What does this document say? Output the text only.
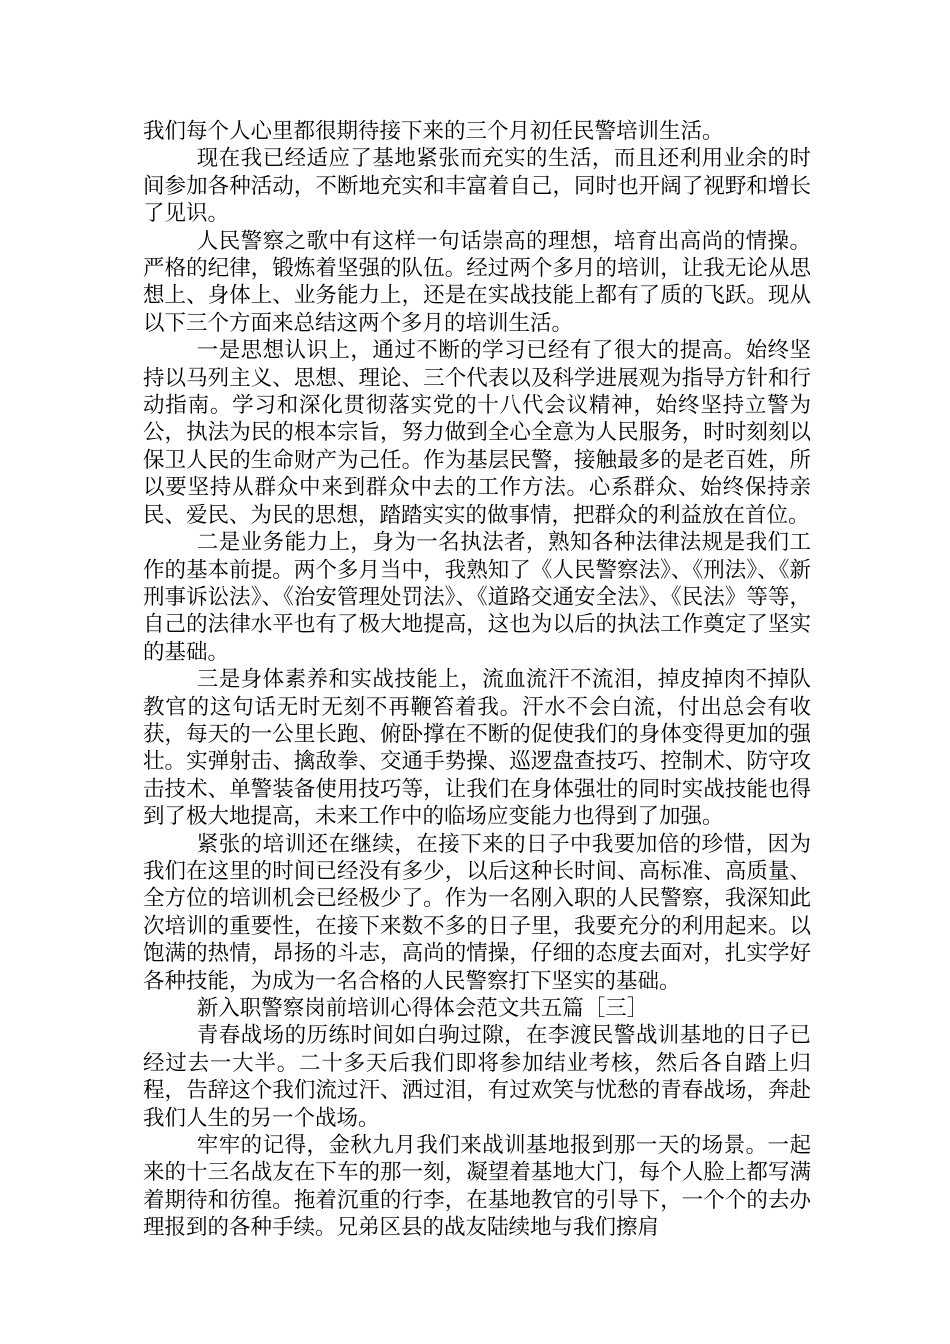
我们每个人心里都很期待接下来的三个月初任民警培训生活。

现在我已经适应了基地紧张而充实的生活，而且还利用业余的时间参加各种活动，不断地充实和丰富着自己，同时也开阔了视野和增长了见识。

人民警察之歌中有这样一句话崇高的理想，培育出高尚的情操。严格的纪律，锻炼着坚强的队伍。经过两个多月的培训，让我无论从思想上、身体上、业务能力上，还是在实战技能上都有了质的飞跃。现从以下三个方面来总结这两个多月的培训生活。

一是思想认识上，通过不断的学习已经有了很大的提高。始终坚持以马列主义、思想、理论、三个代表以及科学进展观为指导方针和行动指南。学习和深化贯彻落实党的十八代会议精神，始终坚持立警为公，执法为民的根本宗旨，努力做到全心全意为人民服务，时时刻刻以保卫人民的生命财产为己任。作为基层民警，接触最多的是老百姓，所以要坚持从群众中来到群众中去的工作方法。心系群众、始终保持亲民、爱民、为民的思想，踏踏实实的做事情，把群众的利益放在首位。

二是业务能力上，身为一名执法者，熟知各种法律法规是我们工作的基本前提。两个多月当中，我熟知了《人民警察法》、《刑法》、《新刑事诉讼法》、《治安管理处罚法》、《道路交通安全法》、《民法》等等，自己的法律水平也有了极大地提高，这也为以后的执法工作奠定了坚实的基础。

三是身体素养和实战技能上，流血流汗不流泪，掉皮掉肉不掉队教官的这句话无时无刻不再鞭笞着我。汗水不会白流，付出总会有收获，每天的一公里长跑、俯卧撑在不断的促使我们的身体变得更加的强壮。实弹射击、擒敌拳、交通手势操、巡逻盘查技巧、控制术、防守攻击技术、单警装备使用技巧等，让我们在身体强壮的同时实战技能也得到了极大地提高，未来工作中的临场应变能力也得到了加强。

紧张的培训还在继续，在接下来的日子中我要加倍的珍惜，因为我们在这里的时间已经没有多少，以后这种长时间、高标准、高质量、全方位的培训机会已经极少了。作为一名刚入职的人民警察，我深知此次培训的重要性，在接下来数不多的日子里，我要充分的利用起来。以饱满的热情，昂扬的斗志，高尚的情操，仔细的态度去面对，扎实学好各种技能，为成为一名合格的人民警察打下坚实的基础。

新入职警察岗前培训心得体会范文共五篇［三］

青春战场的历练时间如白驹过隙，在李渡民警战训基地的日子已经过去一大半。二十多天后我们即将参加结业考核，然后各自踏上归程，告辞这个我们流过汗、洒过泪，有过欢笑与忧愁的青春战场，奔赴我们人生的另一个战场。

牢牢的记得，金秋九月我们来战训基地报到那一天的场景。一起来的十三名战友在下车的那一刻，凝望着基地大门，每个人脸上都写满着期待和彷徨。拖着沉重的行李，在基地教官的引导下，一个个的去办理报到的各种手续。兄弟区县的战友陆续地与我们擦肩
